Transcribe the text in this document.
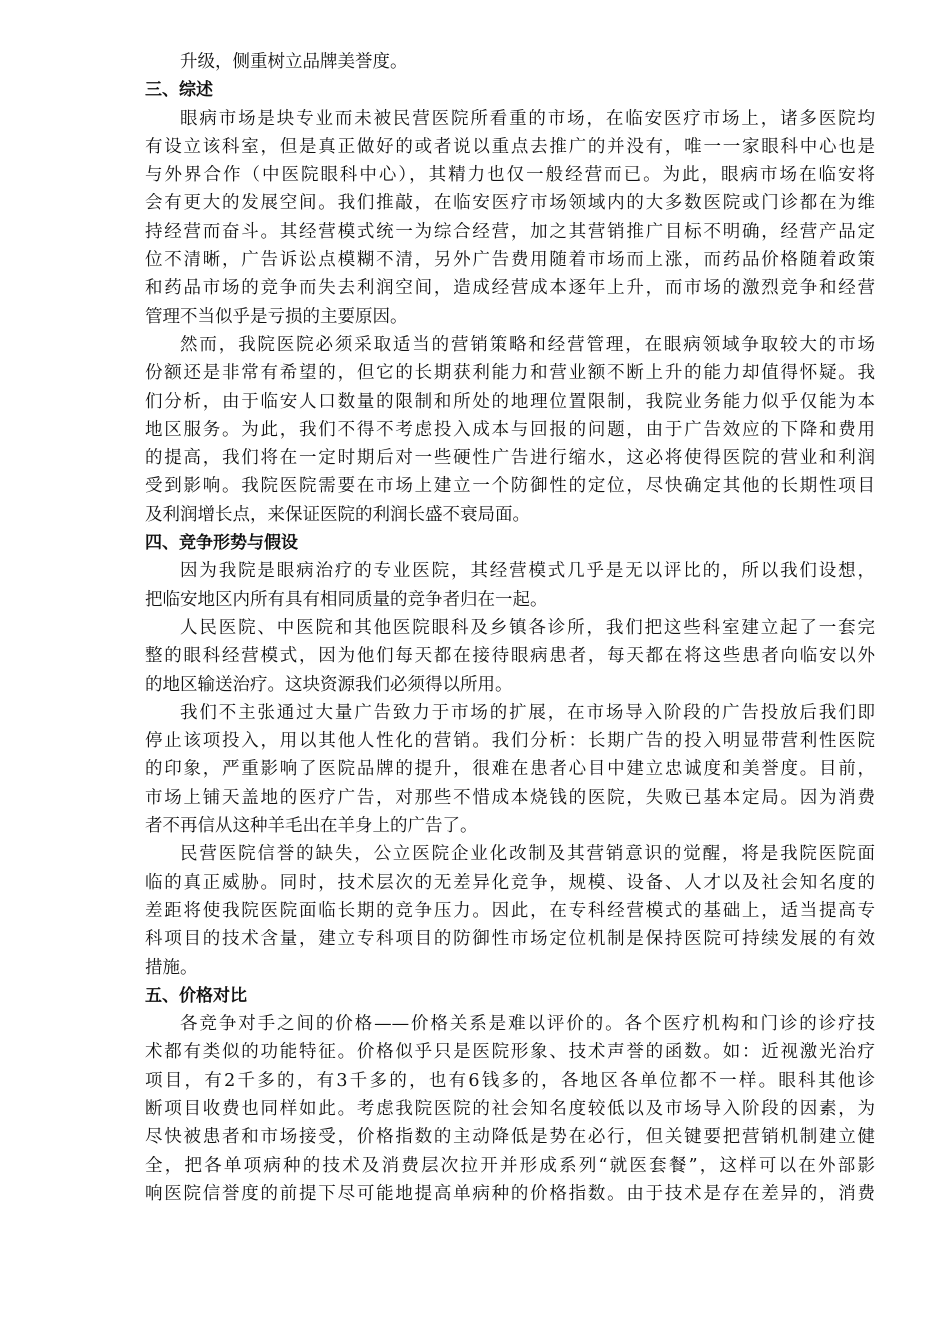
升级，侧重树立品牌美誉度。
三、综述
眼病市场是块专业而未被民营医院所看重的市场，在临安医疗市场上，诸多医院均
有设立该科室，但是真正做好的或者说以重点去推广的并没有，唯一一家眼科中心也是
与外界合作（中医院眼科中心），其精力也仅一般经营而已。为此，眼病市场在临安将
会有更大的发展空间。我们推敲，在临安医疗市场领域内的大多数医院或门诊都在为维
持经营而奋斗。其经营模式统一为综合经营，加之其营销推广目标不明确，经营产品定
位不清晰，广告诉讼点模糊不清，另外广告费用随着市场而上涨，而药品价格随着政策
和药品市场的竞争而失去利润空间，造成经营成本逐年上升，而市场的激烈竞争和经营
管理不当似乎是亏损的主要原因。
然而，我院医院必须采取适当的营销策略和经营管理，在眼病领域争取较大的市场
份额还是非常有希望的，但它的长期获利能力和营业额不断上升的能力却值得怀疑。我
们分析，由于临安人口数量的限制和所处的地理位置限制，我院业务能力似乎仅能为本
地区服务。为此，我们不得不考虑投入成本与回报的问题，由于广告效应的下降和费用
的提高，我们将在一定时期后对一些硬性广告进行缩水，这必将使得医院的营业和利润
受到影响。我院医院需要在市场上建立一个防御性的定位，尽快确定其他的长期性项目
及利润增长点，来保证医院的利润长盛不衰局面。
四、竞争形势与假设
因为我院是眼病治疗的专业医院，其经营模式几乎是无以评比的，所以我们设想，
把临安地区内所有具有相同质量的竞争者归在一起。
人民医院、中医院和其他医院眼科及乡镇各诊所，我们把这些科室建立起了一套完
整的眼科经营模式，因为他们每天都在接待眼病患者，每天都在将这些患者向临安以外
的地区输送治疗。这块资源我们必须得以所用。
我们不主张通过大量广告致力于市场的扩展，在市场导入阶段的广告投放后我们即
停止该项投入，用以其他人性化的营销。我们分析：长期广告的投入明显带营利性医院
的印象，严重影响了医院品牌的提升，很难在患者心目中建立忠诚度和美誉度。目前，
市场上铺天盖地的医疗广告，对那些不惜成本烧钱的医院，失败已基本定局。因为消费
者不再信从这种羊毛出在羊身上的广告了。
民营医院信誉的缺失，公立医院企业化改制及其营销意识的觉醒，将是我院医院面
临的真正威胁。同时，技术层次的无差异化竞争，规模、设备、人才以及社会知名度的
差距将使我院医院面临长期的竞争压力。因此，在专科经营模式的基础上，适当提高专
科项目的技术含量，建立专科项目的防御性市场定位机制是保持医院可持续发展的有效
措施。
五、价格对比
各竞争对手之间的价格——价格关系是难以评价的。各个医疗机构和门诊的诊疗技
术都有类似的功能特征。价格似乎只是医院形象、技术声誉的函数。如：近视激光治疗
项目，有2千多的，有3千多的，也有6钱多的，各地区各单位都不一样。眼科其他诊
断项目收费也同样如此。考虑我院医院的社会知名度较低以及市场导入阶段的因素，为
尽快被患者和市场接受，价格指数的主动降低是势在必行，但关键要把营销机制建立健
全，把各单项病种的技术及消费层次拉开并形成系列“就医套餐”，这样可以在外部影
响医院信誉度的前提下尽可能地提高单病种的价格指数。由于技术是存在差异的，消费
